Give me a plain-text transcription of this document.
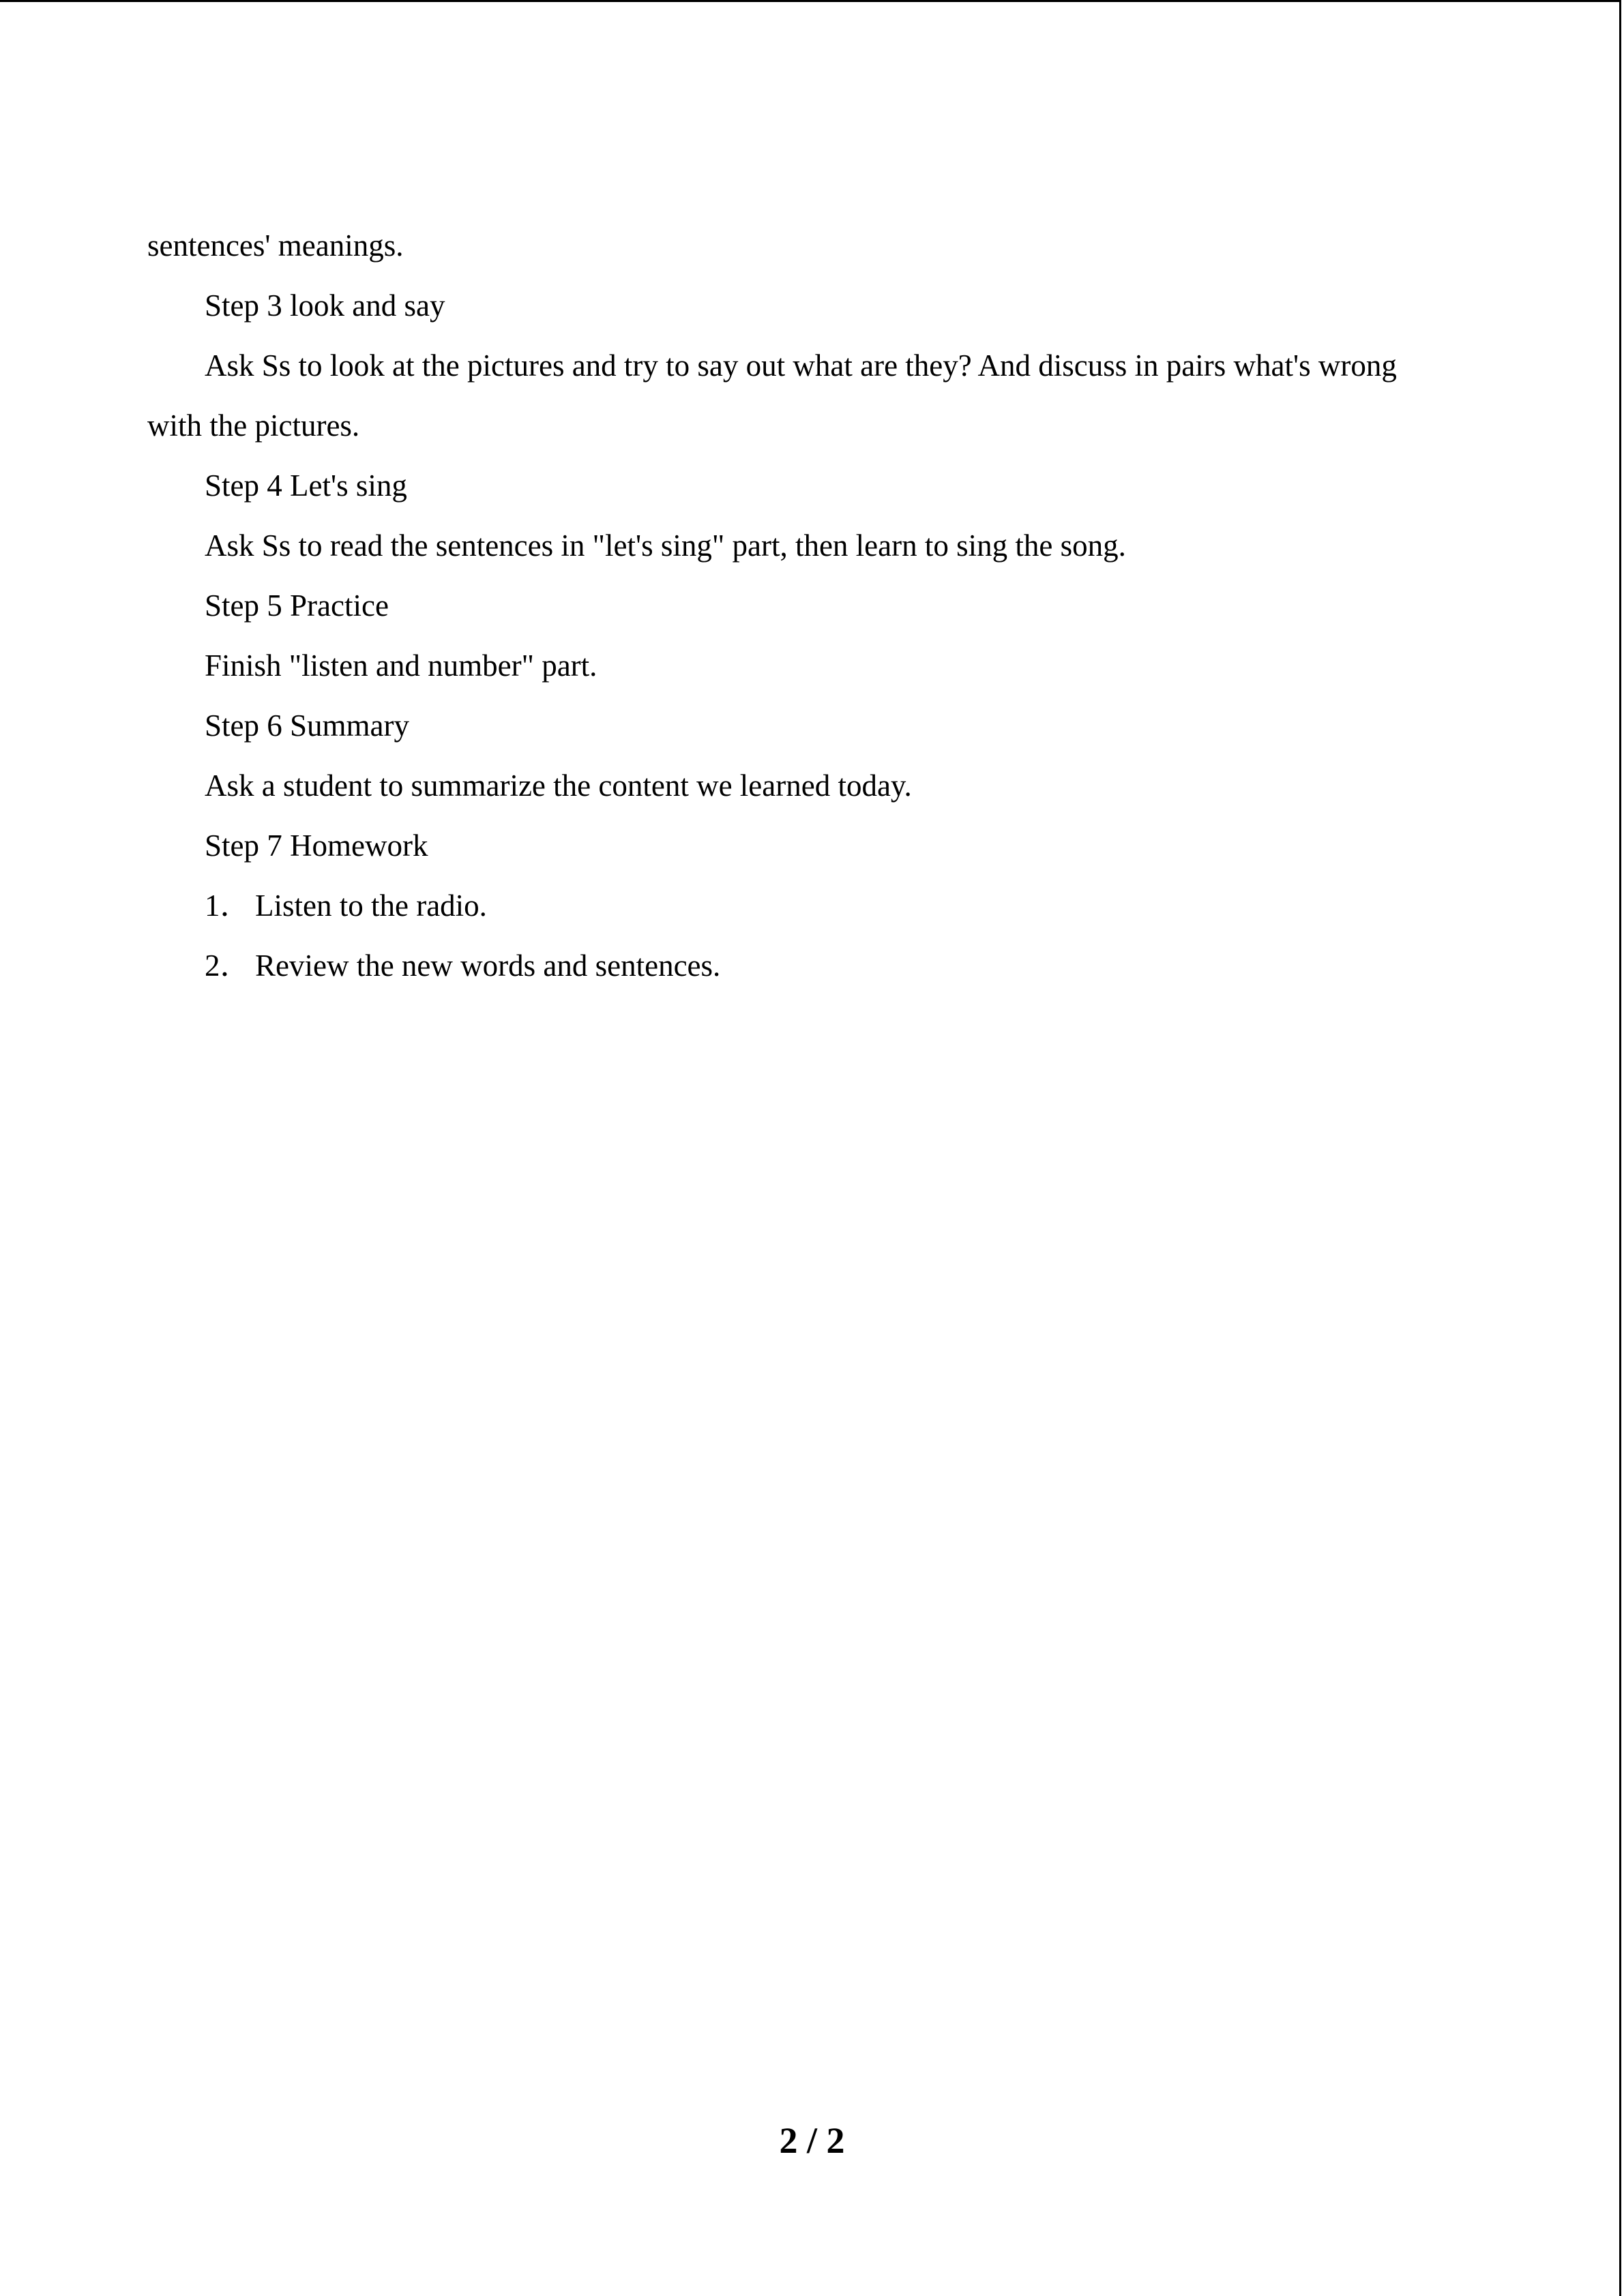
sentences' meanings.
Step 3 look and say
Ask Ss to look at the pictures and try to say out what are they? And discuss in pairs what's wrong
with the pictures.
Step 4 Let's sing
Ask Ss to read the sentences in "let's sing" part, then learn to sing the song.
Step 5 Practice
Finish "listen and number" part.
Step 6 Summary
Ask a student to summarize the content we learned today.
Step 7 Homework
1． Listen to the radio.
2． Review the new words and sentences.
2 / 2
